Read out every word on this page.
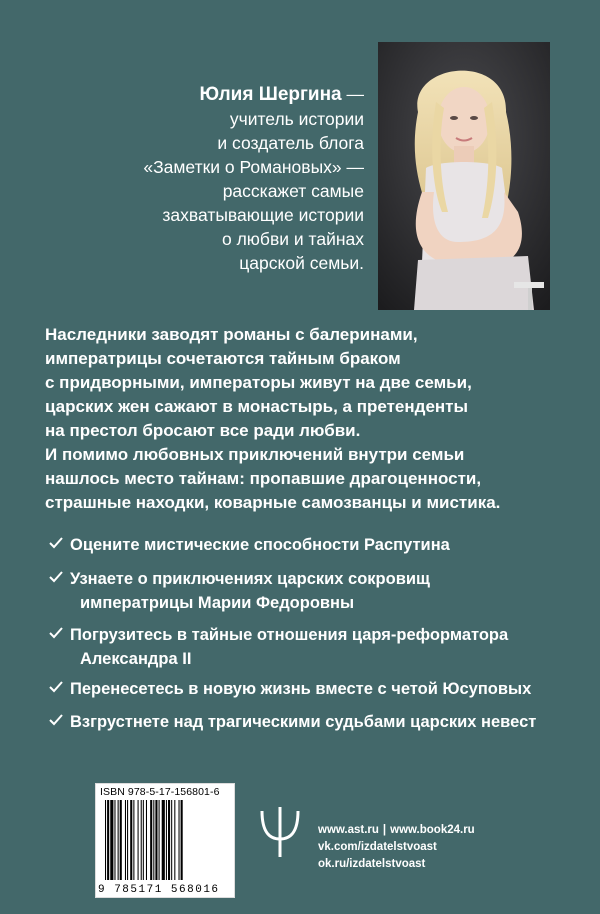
Юлия Шергина —
учитель истории
и создатель блога
«Заметки о Романовых» —
расскажет самые
захватывающие истории
о любви и тайнах
царской семьи.
Наследники заводят романы с балеринами,
императрицы сочетаются тайным браком
с придворными, императоры живут на две семьи,
царских жен сажают в монастырь, а претенденты
на престол бросают все ради любви.
И помимо любовных приключений внутри семьи
нашлось место тайнам: пропавшие драгоценности,
страшные находки, коварные самозванцы и мистика.
Оцените мистические способности Распутина
Узнаете о приключениях царских сокровищ
императрицы Марии Федоровны
Погрузитесь в тайные отношения царя-реформатора
Александра II
Перенесетесь в новую жизнь вместе с четой Юсуповых
Взгрустнете над трагическими судьбами царских невест
ISBN 978-5-17-156801-6
9 785171 568016
www.ast.ru | www.book24.ru
vk.com/izdatelstvoast
ok.ru/izdatelstvoast
